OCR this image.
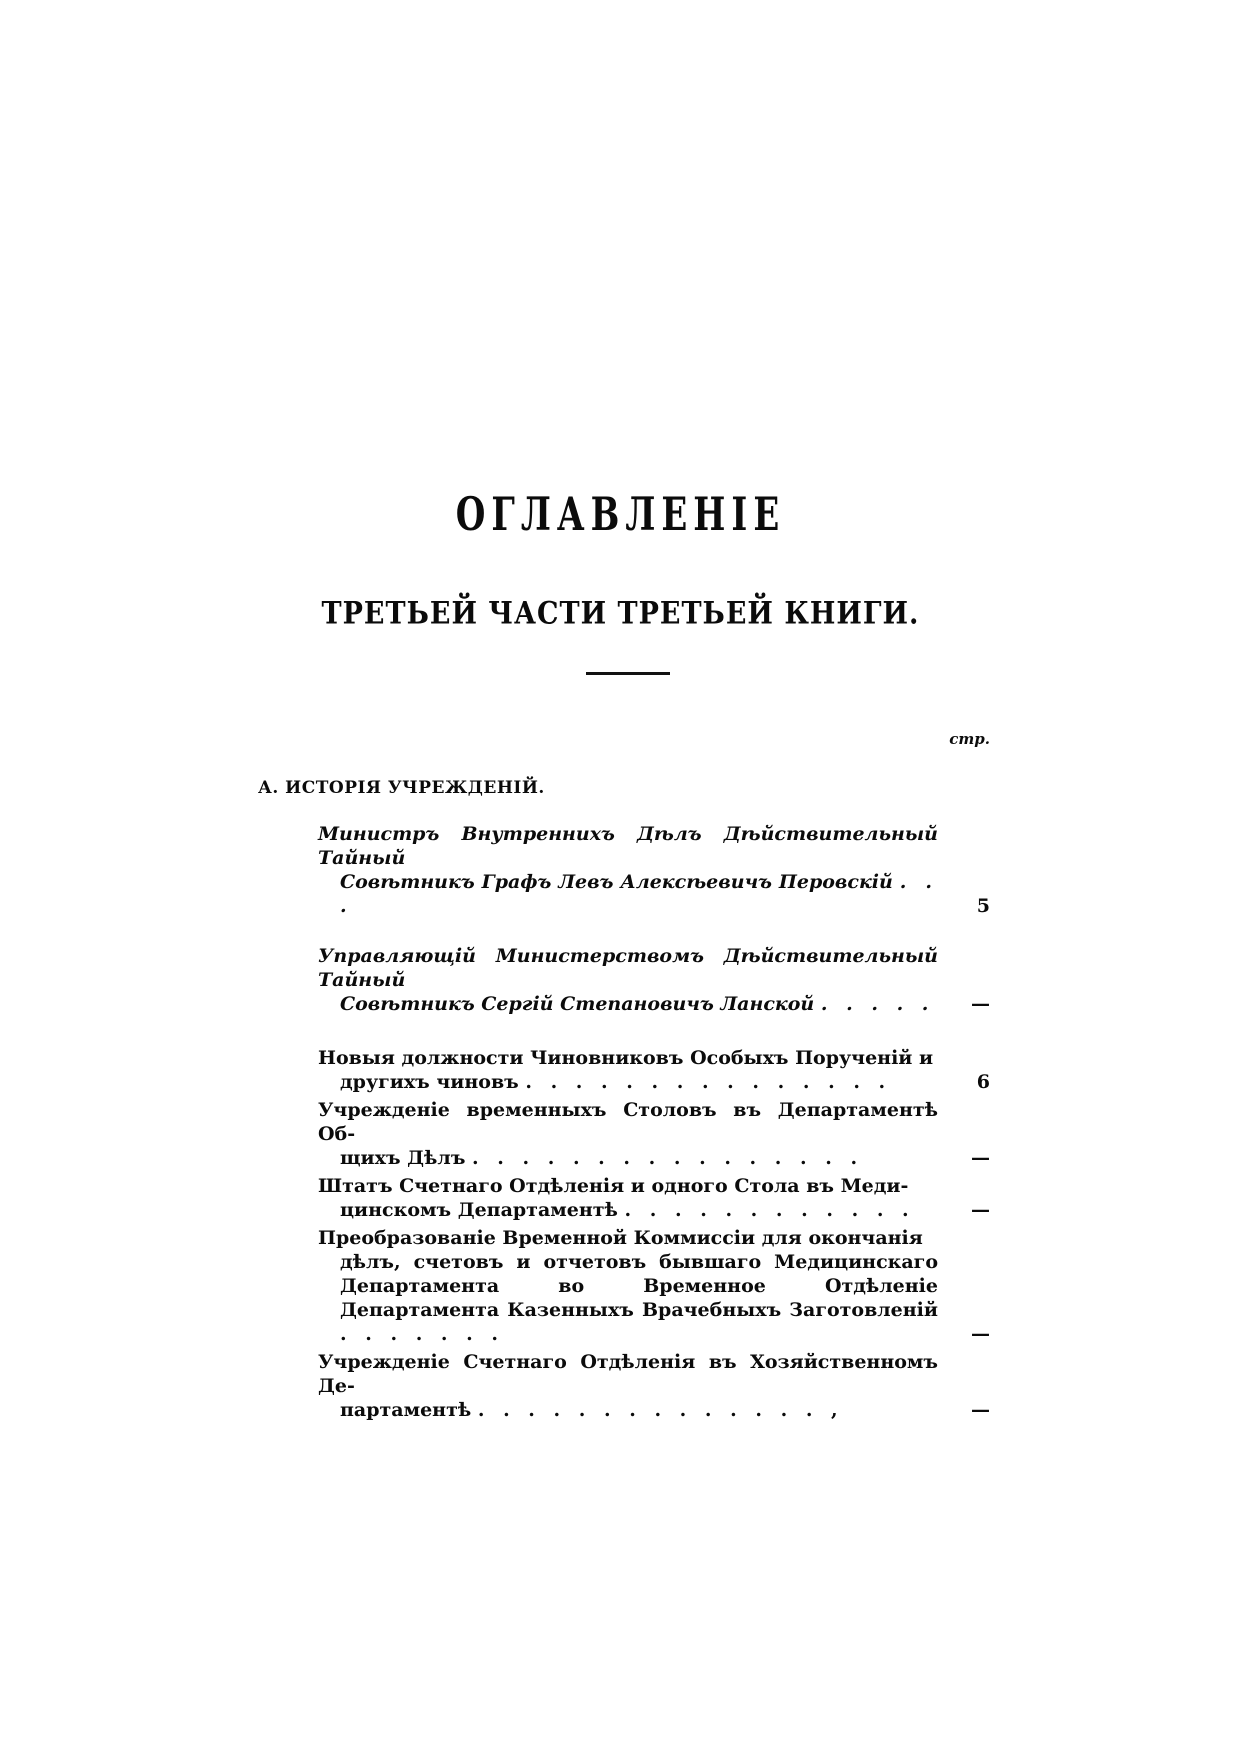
ОГЛАВЛЕНІЕ
ТРЕТЬЕЙ ЧАСТИ ТРЕТЬЕЙ КНИГИ.
стр.
А. ИСТОРІЯ УЧРЕЖДЕНІЙ.
Министръ Внутреннихъ Дѣлъ Дѣйствительный Тайный
Совѣтникъ Графъ Левъ Алексѣевичъ Перовскій . . .	5
Управляющій Министерствомъ Дѣйствительный Тайный
Совѣтникъ Сергій Степановичъ Ланской . . . . .	—
Новыя должности Чиновниковъ Особыхъ Порученій и
другихъ чиновъ . . . . . . . . . . . . . . .	6
Учрежденіе временныхъ Столовъ въ Департаментѣ Об-
щихъ Дѣлъ . . . . . . . . . . . . . . . .	—
Штатъ Счетнаго Отдѣленія и одного Стола въ Меди-
цинскомъ Департаментѣ . . . . . . . . . . . .	—
Преобразованіе Временной Коммиссіи для окончанія
дѣлъ, счетовъ и отчетовъ бывшаго Медицинскаго Департамента во Временное Отдѣленіе Департамента Казенныхъ Врачебныхъ Заготовленій . . . . . . .	—
Учрежденіе Счетнаго Отдѣленія въ Хозяйственномъ Де-
партаментѣ . . . . . . . . . . . . . . ,	—
